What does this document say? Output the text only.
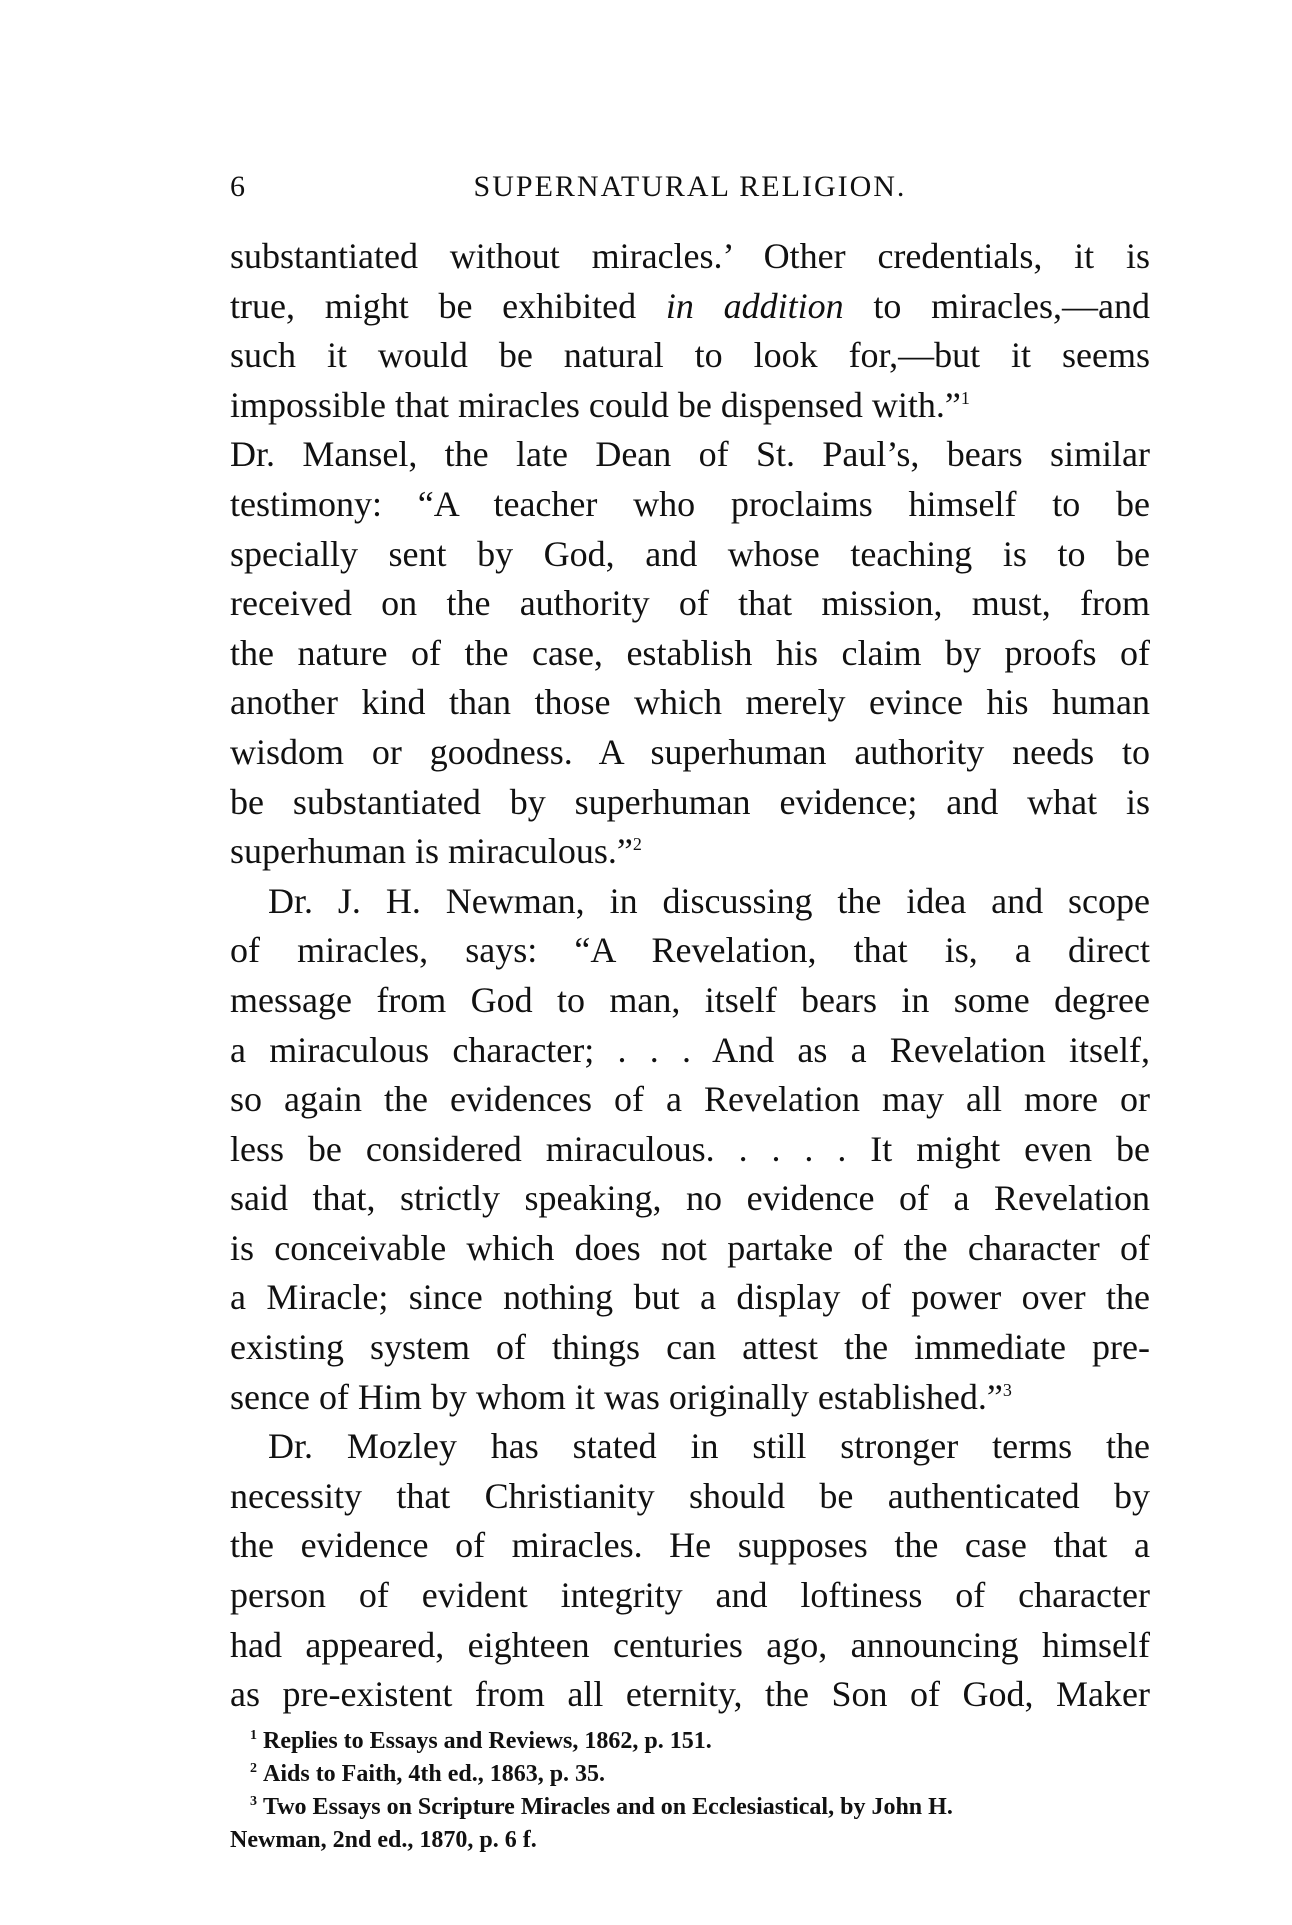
6	SUPERNATURAL RELIGION.
substantiated without miracles.’ Other credentials, it is
true, might be exhibited in addition to miracles,—and
such it would be natural to look for,—but it seems
impossible that miracles could be dispensed with.”$^1$
Dr. Mansel, the late Dean of St. Paul’s, bears similar
testimony: “A teacher who proclaims himself to be
specially sent by God, and whose teaching is to be
received on the authority of that mission, must, from
the nature of the case, establish his claim by proofs of
another kind than those which merely evince his human
wisdom or goodness. A superhuman authority needs to
be substantiated by superhuman evidence; and what is
superhuman is miraculous.”$^2$
Dr. J. H. Newman, in discussing the idea and scope
of miracles, says: “A Revelation, that is, a direct
message from God to man, itself bears in some degree
a miraculous character; . . . And as a Revelation itself,
so again the evidences of a Revelation may all more or
less be considered miraculous. . . . . It might even be
said that, strictly speaking, no evidence of a Revelation
is conceivable which does not partake of the character of
a Miracle; since nothing but a display of power over the
existing system of things can attest the immediate pre-
sence of Him by whom it was originally established.”$^3$
Dr. Mozley has stated in still stronger terms the
necessity that Christianity should be authenticated by
the evidence of miracles. He supposes the case that a
person of evident integrity and loftiness of character
had appeared, eighteen centuries ago, announcing himself
as pre-existent from all eternity, the Son of God, Maker
$^1$ Replies to Essays and Reviews, 1862, p. 151.
$^2$ Aids to Faith, 4th ed., 1863, p. 35.
$^3$ Two Essays on Scripture Miracles and on Ecclesiastical, by John H.
Newman, 2nd ed., 1870, p. 6 f.
